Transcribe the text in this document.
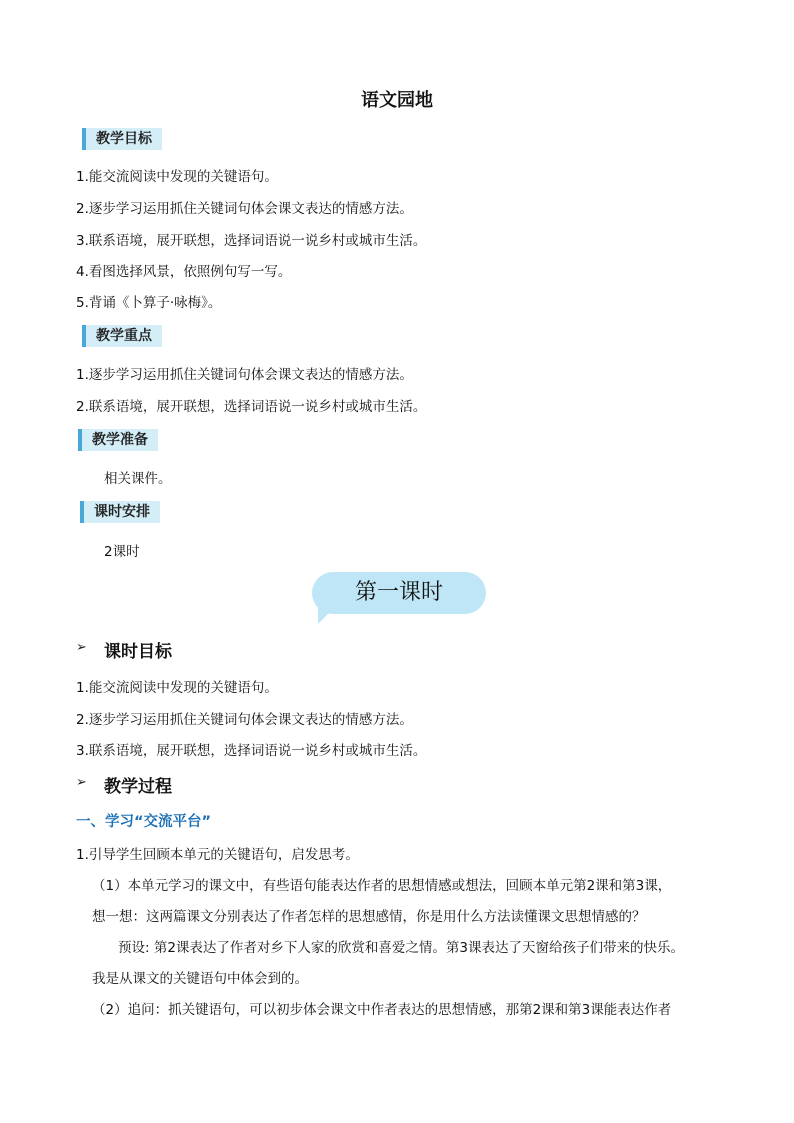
语文园地
教学目标
1.能交流阅读中发现的关键语句。
2.逐步学习运用抓住关键词句体会课文表达的情感方法。
3.联系语境，展开联想，选择词语说一说乡村或城市生活。
4.看图选择风景，依照例句写一写。
5.背诵《卜算子·咏梅》。
教学重点
1.逐步学习运用抓住关键词句体会课文表达的情感方法。
2.联系语境，展开联想，选择词语说一说乡村或城市生活。
教学准备
相关课件。
课时安排
2课时
第一课时
➢ 课时目标
1.能交流阅读中发现的关键语句。
2.逐步学习运用抓住关键词句体会课文表达的情感方法。
3.联系语境，展开联想，选择词语说一说乡村或城市生活。
➢ 教学过程
一、学习“交流平台”
1.引导学生回顾本单元的关键语句，启发思考。
（1）本单元学习的课文中，有些语句能表达作者的思想情感或想法，回顾本单元第2课和第3课，
想一想：这两篇课文分别表达了作者怎样的思想感情，你是用什么方法读懂课文思想情感的？
预设: 第2课表达了作者对乡下人家的欣赏和喜爱之情。第3课表达了天窗给孩子们带来的快乐。
我是从课文的关键语句中体会到的。
（2）追问：抓关键语句，可以初步体会课文中作者表达的思想情感，那第2课和第3课能表达作者
